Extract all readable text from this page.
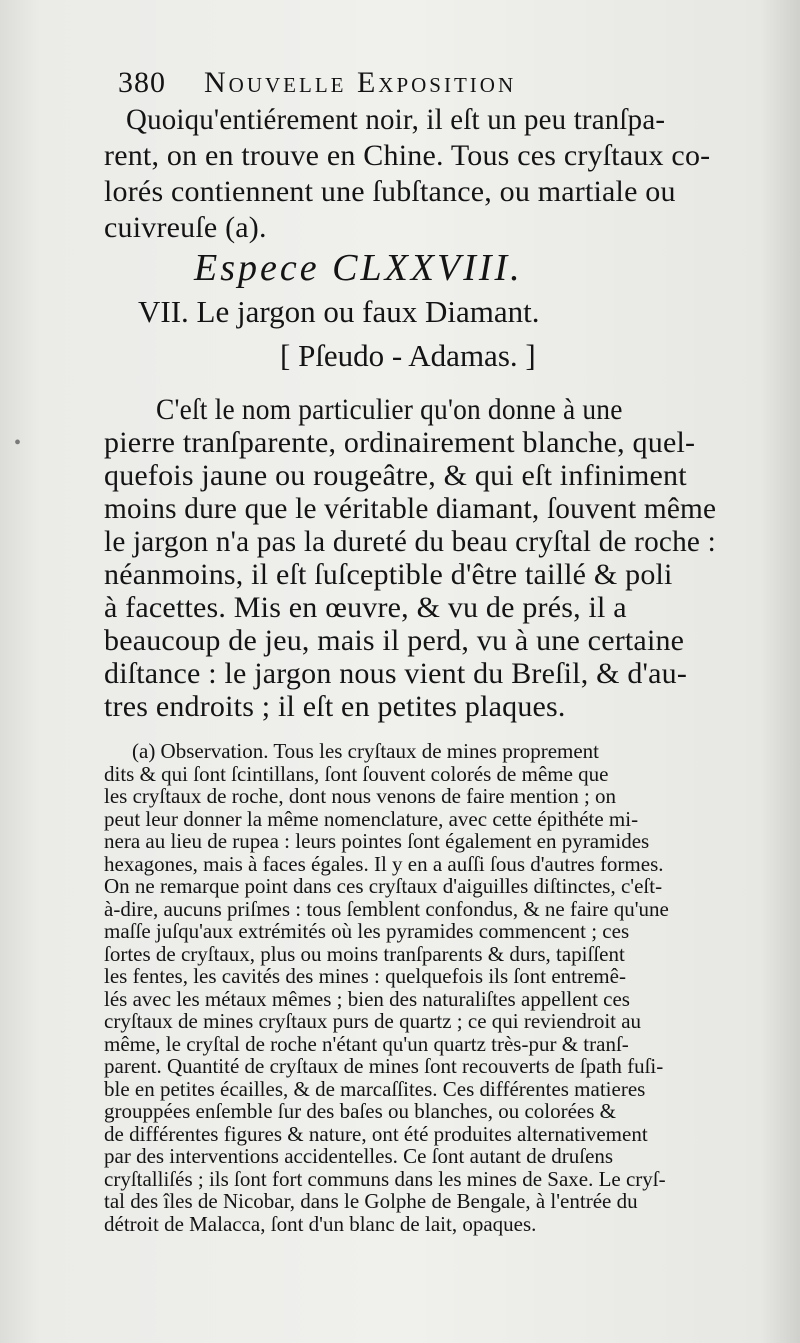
380 Nouvelle Exposition
Quoiqu'entiérement noir, il eſt un peu tranſpa-
rent, on en trouve en Chine. Tous ces cryſtaux co-
lorés contiennent une ſubſtance, ou martiale ou
cuivreuſe (a).
Espece CLXXVIII.
VII. Le jargon ou faux Diamant.
[ Pſeudo - Adamas. ]
C'eſt le nom particulier qu'on donne à une
pierre tranſparente, ordinairement blanche, quel-
quefois jaune ou rougeâtre, & qui eſt infiniment
moins dure que le véritable diamant, ſouvent même
le jargon n'a pas la dureté du beau cryſtal de roche :
néanmoins, il eſt ſuſceptible d'être taillé & poli
à facettes. Mis en œuvre, & vu de prés, il a
beaucoup de jeu, mais il perd, vu à une certaine
diſtance : le jargon nous vient du Breſil, & d'au-
tres endroits ; il eſt en petites plaques.
(a) Observation. Tous les cryſtaux de mines proprement
dits & qui ſont ſcintillans, ſont ſouvent colorés de même que
les cryſtaux de roche, dont nous venons de faire mention ; on
peut leur donner la même nomenclature, avec cette épithéte mi-
nera au lieu de rupea : leurs pointes ſont également en pyramides
hexagones, mais à faces égales. Il y en a auſſi ſous d'autres formes.
On ne remarque point dans ces cryſtaux d'aiguilles diſtinctes, c'eſt-
à-dire, aucuns priſmes : tous ſemblent confondus, & ne faire qu'une
maſſe juſqu'aux extrémités où les pyramides commencent ; ces
ſortes de cryſtaux, plus ou moins tranſparents & durs, tapiſſent
les fentes, les cavités des mines : quelquefois ils ſont entremê-
lés avec les métaux mêmes ; bien des naturaliſtes appellent ces
cryſtaux de mines cryſtaux purs de quartz ; ce qui reviendroit au
même, le cryſtal de roche n'étant qu'un quartz très-pur & tranſ-
parent. Quantité de cryſtaux de mines ſont recouverts de ſpath fuſi-
ble en petites écailles, & de marcaſſites. Ces différentes matieres
grouppées enſemble ſur des baſes ou blanches, ou colorées &
de différentes figures & nature, ont été produites alternativement
par des interventions accidentelles. Ce ſont autant de druſens
cryſtalliſés ; ils ſont fort communs dans les mines de Saxe. Le cryſ-
tal des îles de Nicobar, dans le Golphe de Bengale, à l'entrée du
détroit de Malacca, ſont d'un blanc de lait, opaques.
•
